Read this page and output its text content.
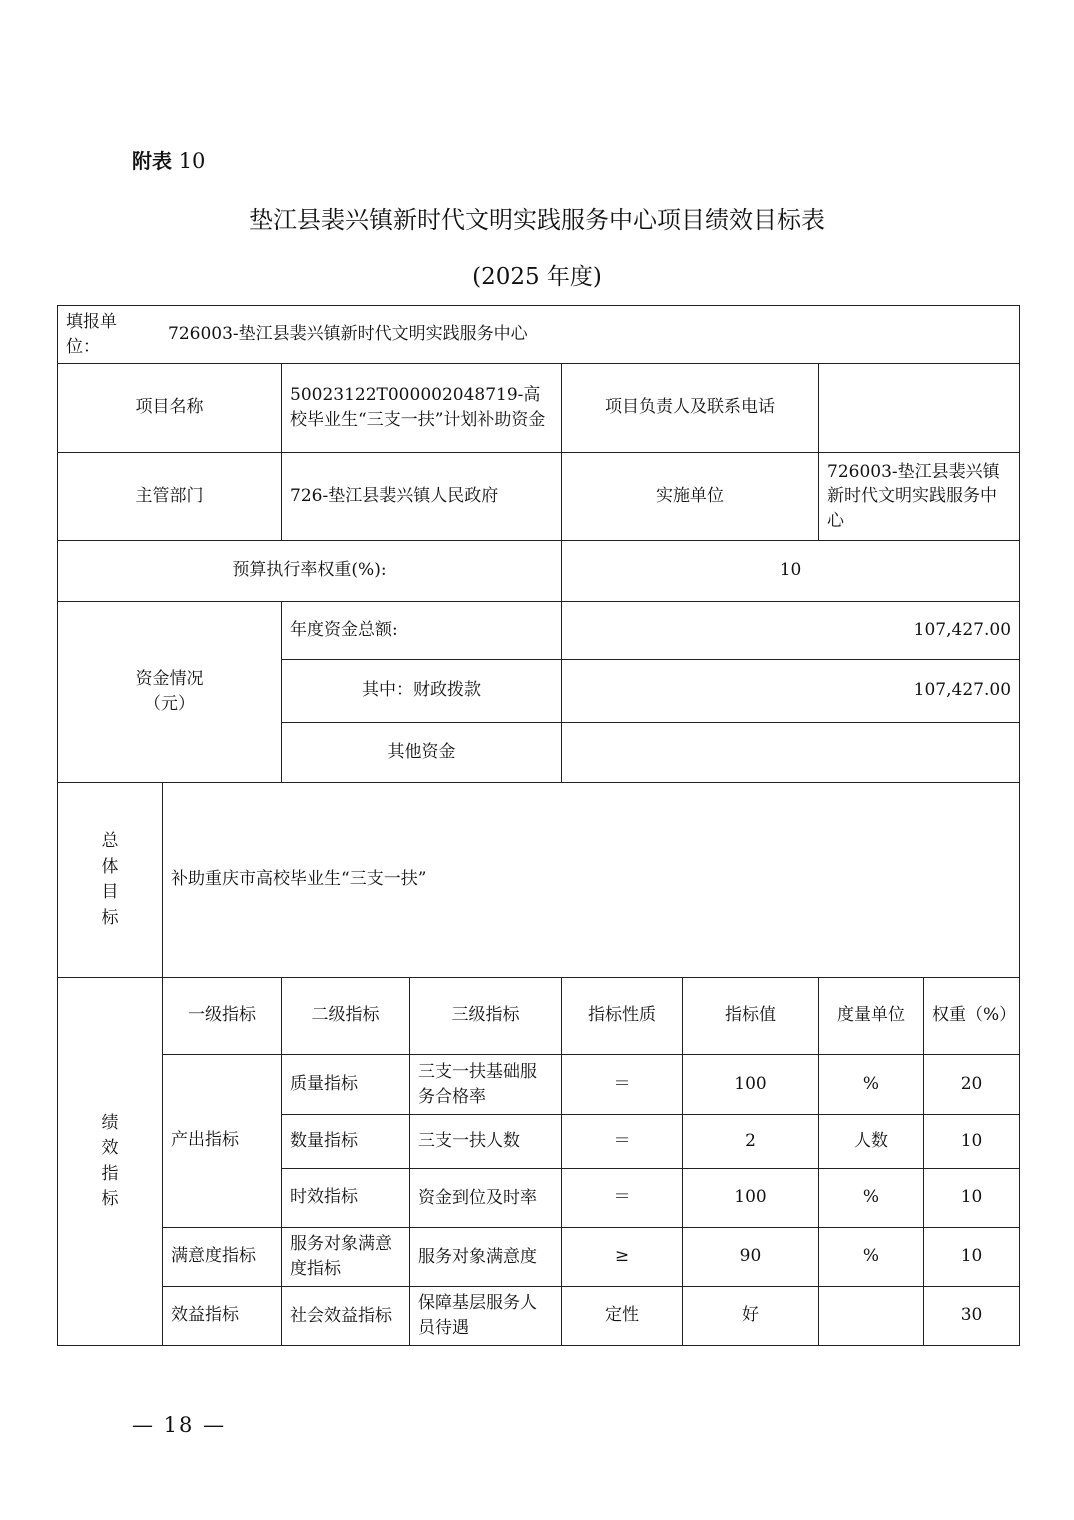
附表 10
垫江县裴兴镇新时代文明实践服务中心项目绩效目标表
(2025 年度)
填报单位：
726003-垫江县裴兴镇新时代文明实践服务中心							

项目名称		50023122T000002048719-高校毕业生“三支一扶”计划补助资金		项目负责人及联系电话			
主管部门		726-垫江县裴兴镇人民政府		实施单位		726003-垫江县裴兴镇新时代文明实践服务中心	
预算执行率权重(%):				10			

资金情况
（元）		年度资金总额:		107,427.00			
		其中：财政拨款		107,427.00			
		其他资金					

总
体
目
标	补助重庆市高校毕业生“三支一扶”						

绩
效
指
标	一级指标	二级指标	三级指标	指标性质	指标值	度量单位	权重（%）
	产出指标	质量指标	三支一扶基础服务合格率	＝	100	%	20
		数量指标	三支一扶人数	＝	2	人数	10
		时效指标	资金到位及时率	＝	100	%	10
	满意度指标	服务对象满意度指标	服务对象满意度	≥	90	%	10
	效益指标	社会效益指标	保障基层服务人员待遇	定性	好		30
— 18 —
